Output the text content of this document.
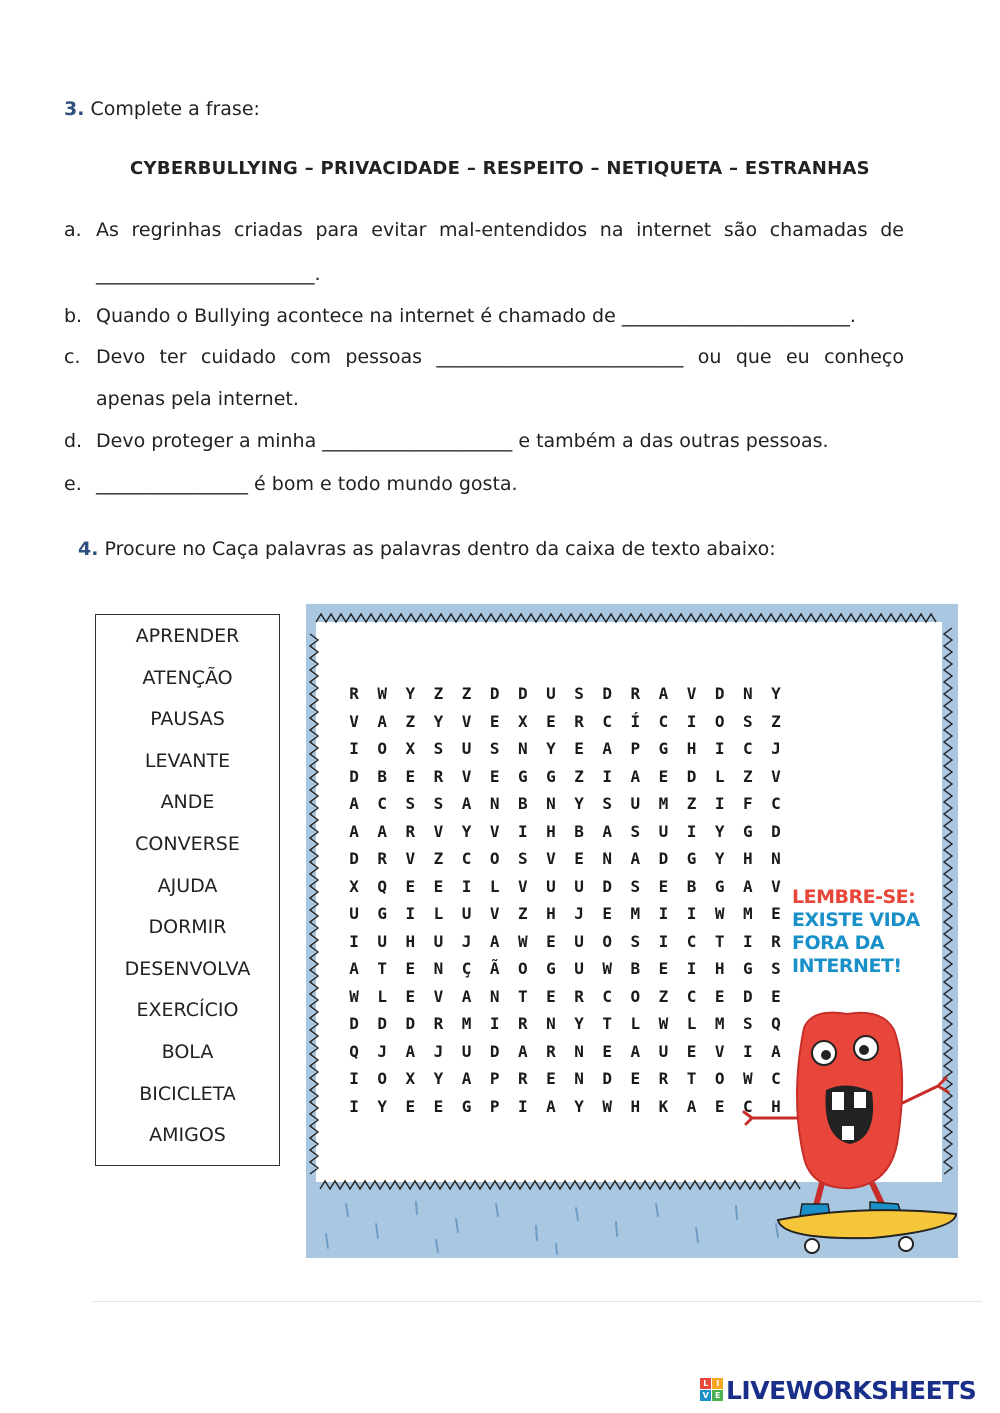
3. Complete a frase:
CYBERBULLYING – PRIVACIDADE – RESPEITO – NETIQUETA – ESTRANHAS
a. As regrinhas criadas para evitar mal-entendidos na internet são chamadas de
_______________________.
b. Quando o Bullying acontece na internet é chamado de ________________________.
c. Devo ter cuidado com pessoas __________________________ ou que eu conheço
apenas pela internet.
d. Devo proteger a minha ____________________ e também a das outras pessoas.
e. ________________ é bom e todo mundo gosta.
4. Procure no Caça palavras as palavras dentro da caixa de texto abaixo:
APRENDER
ATENÇÃO
PAUSAS
LEVANTE
ANDE
CONVERSE
AJUDA
DORMIR
DESENVOLVA
EXERCÍCIO
BOLA
BICICLETA
AMIGOS
R	W	Y	Z	Z	D	D	U	S	D	R	A	V	D	N	Y
V	A	Z	Y	V	E	X	E	R	C	Í	C	I	O	S	Z
I	O	X	S	U	S	N	Y	E	A	P	G	H	I	C	J
D	B	E	R	V	E	G	G	Z	I	A	E	D	L	Z	V
A	C	S	S	A	N	B	N	Y	S	U	M	Z	I	F	C
A	A	R	V	Y	V	I	H	B	A	S	U	I	Y	G	D
D	R	V	Z	C	O	S	V	E	N	A	D	G	Y	H	N
X	Q	E	E	I	L	V	U	U	D	S	E	B	G	A	V
U	G	I	L	U	V	Z	H	J	E	M	I	I	W	M	E
I	U	H	U	J	A	W	E	U	O	S	I	C	T	I	R
A	T	E	N	Ç	Ã	O	G	U	W	B	E	I	H	G	S
W	L	E	V	A	N	T	E	R	C	O	Z	C	E	D	E
D	D	D	R	M	I	R	N	Y	T	L	W	L	M	S	Q
Q	J	A	J	U	D	A	R	N	E	A	U	E	V	I	A
I	O	X	Y	A	P	R	E	N	D	E	R	T	O	W	C
I	Y	E	E	G	P	I	A	Y	W	H	K	A	E	C	H
LEMBRE-SE:
EXISTE VIDA
FORA DA
INTERNET!
L	I
V E LIVEWORKSHEETS
